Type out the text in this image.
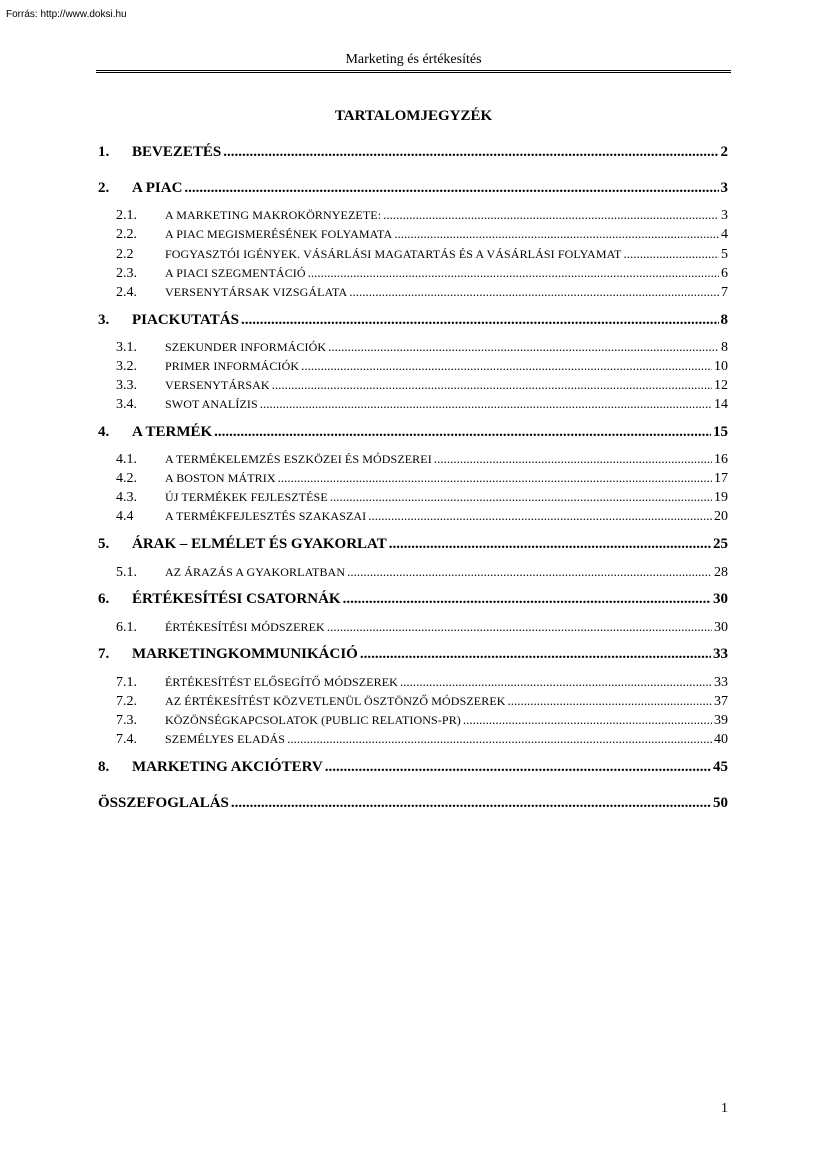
Forrás: http://www.doksi.hu
Marketing és értékesítés
TARTALOMJEGYZÉK
1.	BEVEZETÉS .....	2
2.	A PIAC .....	3
2.1.	A MARKETING MAKROKÖRNYEZETE: .....	3
2.2.	A PIAC MEGISMERÉSÉNEK FOLYAMATA .....	4
2.2	FOGYASZTÓI IGÉNYEK. VÁSÁRLÁSI MAGATARTÁS ÉS A VÁSÁRLÁSI FOLYAMAT .....	5
2.3.	A PIACI SZEGMENTÁCIÓ .....	6
2.4.	VERSENYTÁRSAK VIZSGÁLATA .....	7
3.	PIACKUTATÁS .....	8
3.1.	SZEKUNDER INFORMÁCIÓK .....	8
3.2.	PRIMER INFORMÁCIÓK .....	10
3.3.	VERSENYTÁRSAK .....	12
3.4.	SWOT ANALÍZIS .....	14
4.	A TERMÉK .....	15
4.1.	A TERMÉKELEMZÉS ESZKÖZEI ÉS MÓDSZEREI .....	16
4.2.	A BOSTON MÁTRIX .....	17
4.3.	ÚJ TERMÉKEK FEJLESZTÉSE .....	19
4.4	A TERMÉKFEJLESZTÉS SZAKASZAI .....	20
5.	ÁRAK – ELMÉLET ÉS GYAKORLAT .....	25
5.1.	AZ ÁRAZÁS A GYAKORLATBAN .....	28
6.	ÉRTÉKESÍTÉSI CSATORNÁK .....	30
6.1.	ÉRTÉKESÍTÉSI MÓDSZEREK .....	30
7.	MARKETINGKOMMUNIKÁCIÓ .....	33
7.1.	ÉRTÉKESÍTÉST ELŐSEGÍTŐ MÓDSZEREK .....	33
7.2.	AZ ÉRTÉKESÍTÉST KÖZVETLENÜL ÖSZTÖNZŐ MÓDSZEREK .....	37
7.3.	KÖZÖNSÉGKAPCSOLATOK (PUBLIC RELATIONS-PR) .....	39
7.4.	SZEMÉLYES ELADÁS .....	40
8.	MARKETING AKCIÓTERV .....	45
ÖSSZEFOGLALÁS .....	50
1
